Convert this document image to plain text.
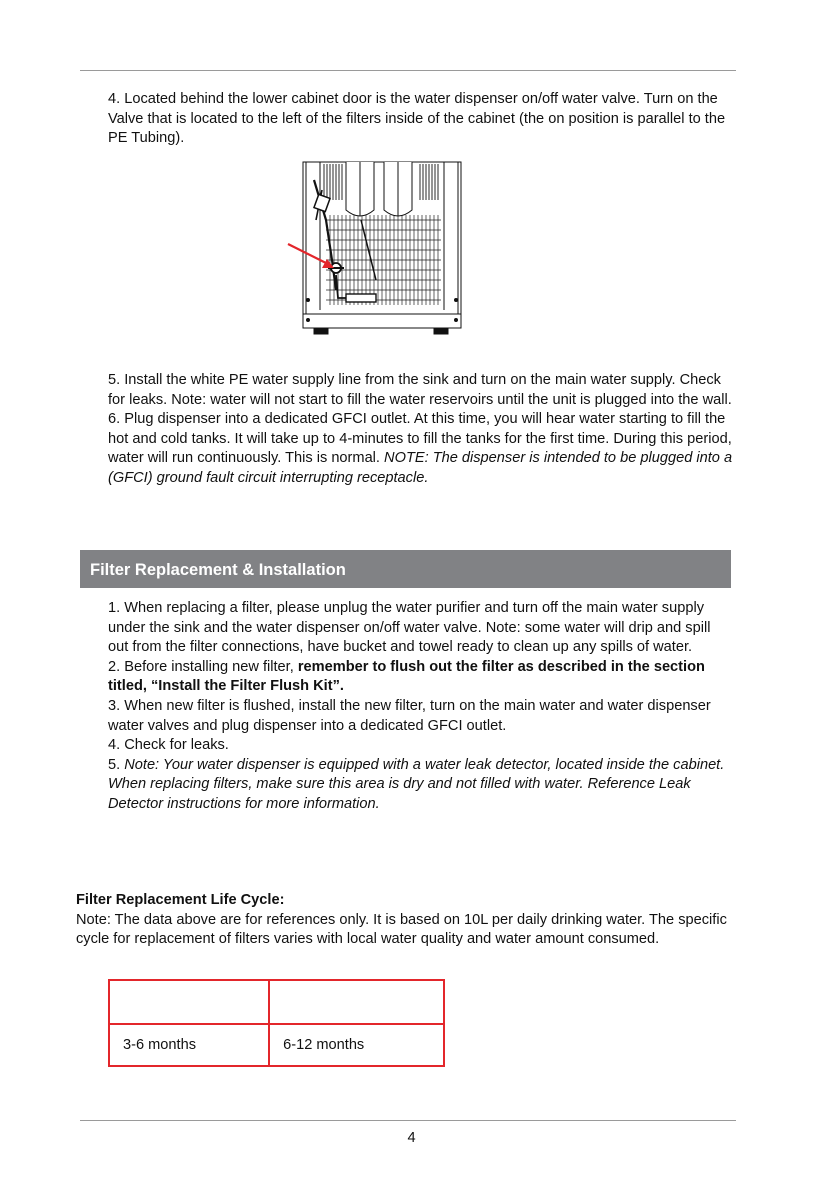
4. Located behind the lower cabinet door is the water dispenser on/off water valve. Turn on the Valve that is located to the left of the filters inside of the cabinet (the on position is parallel to the PE Tubing).

5. Install the white PE water supply line from the sink and turn on the main water supply. Check for leaks. Note: water will not start to fill the water reservoirs until the unit is plugged into the wall.

6. Plug dispenser into a dedicated GFCI outlet. At this time, you will hear water starting to fill the hot and cold tanks. It will take up to 4-minutes to fill the tanks for the first time. During this period, water will run continuously. This is normal. NOTE: The dispenser is intended to be plugged into a (GFCI) ground fault circuit interrupting receptacle.

Filter Replacement & Installation

1. When replacing a filter, please unplug the water purifier and turn off the main water supply under the sink and the water dispenser on/off water valve. Note: some water will drip and spill out from the filter connections, have bucket and towel ready to clean up any spills of water.

2. Before installing new filter, remember to flush out the filter as described in the section titled, “Install the Filter Flush Kit”.

3. When new filter is flushed, install the new filter, turn on the main water and water dispenser water valves and plug dispenser into a dedicated GFCI outlet.

4. Check for leaks.

5. Note: Your water dispenser is equipped with a water leak detector, located inside the cabinet. When replacing filters, make sure this area is dry and not filled with water. Reference Leak Detector instructions for more information.

Filter Replacement Life Cycle:

Note: The data above are for references only. It is based on 10L per daily drinking water. The specific cycle for replacement of filters varies with local water quality and water amount consumed.

3-6 months	6-12 months
4
